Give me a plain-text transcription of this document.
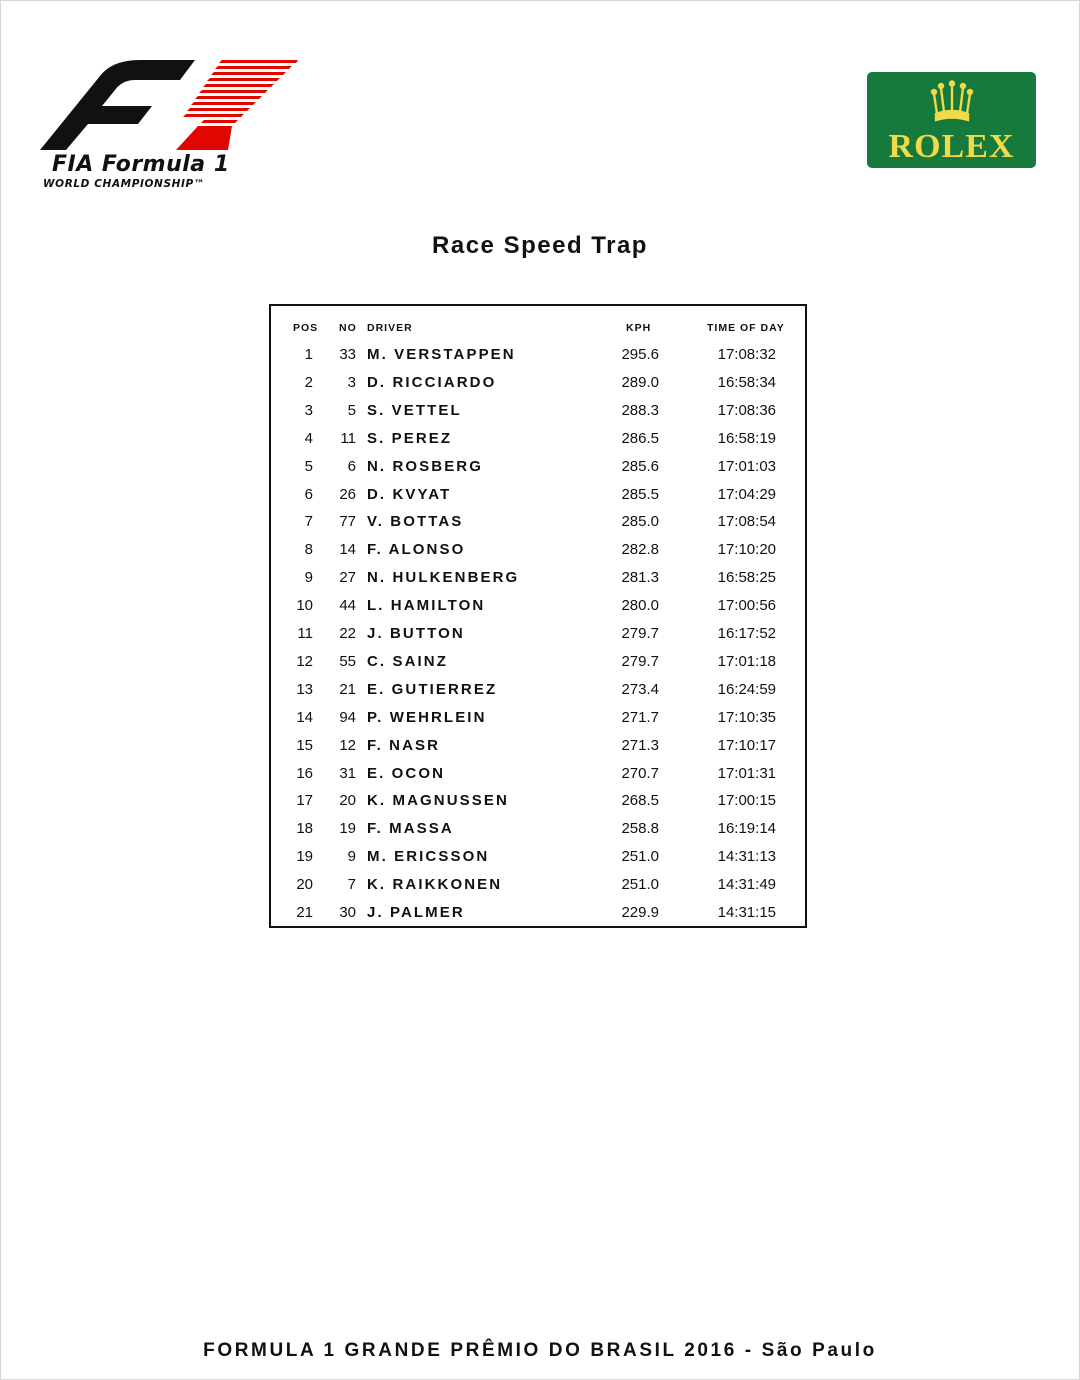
FIA Formula 1
WORLD CHAMPIONSHIP™
ROLEX
Race Speed Trap
POS NO DRIVER	KPH	TIME OF DAY
1	33 M. VERSTAPPEN	295.6	17:08:32
2	3 D. RICCIARDO	289.0	16:58:34
3	5 S. VETTEL	288.3	17:08:36
4	11 S. PEREZ	286.5	16:58:19
5	6 N. ROSBERG	285.6	17:01:03
6	26 D. KVYAT	285.5	17:04:29
7	77 V. BOTTAS	285.0	17:08:54
8	14 F. ALONSO	282.8	17:10:20
9	27 N. HULKENBERG	281.3	16:58:25
10	44 L. HAMILTON	280.0	17:00:56
11	22 J. BUTTON	279.7	16:17:52
12	55 C. SAINZ	279.7	17:01:18
13	21 E. GUTIERREZ	273.4	16:24:59
14	94 P. WEHRLEIN	271.7	17:10:35
15	12 F. NASR	271.3	17:10:17
16	31 E. OCON	270.7	17:01:31
17	20 K. MAGNUSSEN	268.5	17:00:15
18	19 F. MASSA	258.8	16:19:14
19	9 M. ERICSSON	251.0	14:31:13
20	7 K. RAIKKONEN	251.0	14:31:49
21	30 J. PALMER	229.9	14:31:15
FORMULA 1 GRANDE PRÊMIO DO BRASIL 2016 - São Paulo
